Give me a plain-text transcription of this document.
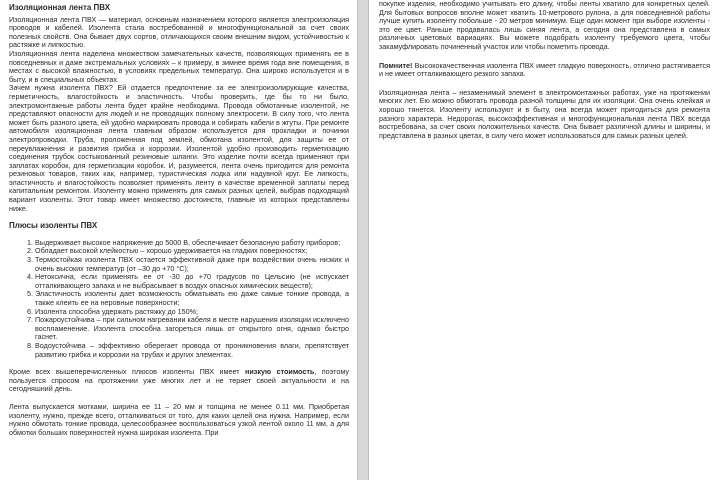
Изоляционная лента ПВХ

Изоляционная лента ПВХ — материал, основным назначением которого является электроизоляция проводов и кабелей. Изолента стала востребованной и многофункциональной за счет своих полезных свойств. Она бывает двух сортов, отличающихся своим внешним видом, устойчивостью к растяжке и липкостью.

Изоляционная лента наделена множеством замечательных качеств, позволяющих применять ее в повседневных и даже экстремальных условиях – к примеру, в зимнее время года вне помещения, в местах с высокой влажностью, в условиях предельных температур. Она широко используется и в быту, и в специальных объектах.

Зачем нужна изолента ПВХ? Ей отдается предпочтение за ее электроизолирующие качества, герметичность, влагостойкость и эластичность. Чтобы проверить, где бы то ни было, электромонтажные работы лента будет крайне необходима. Провода обмотанные изолентой, не представляют опасности для людей и не проводящих полному электросети. В силу того, что лента может быть разного цвета, ей удобно маркировать провода и собирать кабели в жгуты. При ремонте автомобиля изоляционная лента главным образом используется для прокладки и починки электропроводки. Труба, проложенная под землей, обмотана изолентой, для защиты ее от переувлажнения и развития грибка и коррозии. Изолентой удобно производить герметизацию соединения трубок состыкованный резиновые шланги. Это изделие почти всегда применяют при заплатах коробок, для герметизации коробок. И, разумеется, лента очень пригодится для ремонта резиновых товаров, таких как, например, туристическая лодка или надувной круг. Ее липкость, эластичность и влагостойкость позволяет применять ленту в качестве временной заплаты перед капитальным ремонтом. Изоленту можно применять для самых разных целей, выбрав подходящий вариант изоленты. Этот товар имеет множество достоинств, главные из которых представлены ниже.

Плюсы изоленты ПВХ
1. Выдерживает высокое напряжение до 5000 В, обеспечивает безопасную работу приборов;
2. Обладает высокой клейкостью – хорошо удерживается на гладких поверхностях;
3. Термостойкая изолента ПВХ остается эффективной даже при воздействии очень низких и очень высоких температур (от –30 до +70 °С);
4. Нетоксична, если применять ее от -30 до +70 градусов по Цельсию (не испускает отталкивающего запаха и не выбрасывает в воздух опасных химических веществ);
5. Эластичность изоленты дает возможность обматывать ею даже самые тонкие провода, а также клеить ее на неровные поверхности;
6. Изолента способна удержать растяжку до 150%;
7. Пожароустойчива – при сильном нагревании кабеля в месте нарушения изоляции исключено воспламенение. Изолента способна загореться лишь от открытого огня, однако быстро гаснет.
8. Водоустойчива – эффективно оберегает провода от проникновения влаги, препятствует развитию грибка и коррозии на трубах и других элементах.

Кроме всех вышеперечисленных плюсов изоленты ПВХ имеет низкую стоимость, поэтому пользуется спросом на протяжении уже многих лет и не теряет своей актуальности и на сегодняшний день.

Лента выпускается мотками, ширина ее 11 – 20 мм и толщина не менее 0.11 мм. Приобретая изоленту, нужно, прежде всего, отталкиваться от того, для каких целей она нужна. Например, если нужно обмотать тонкие провода, целесообразнее воспользоваться узкой лентой около 11 мм, а для обмотки больших поверхностей нужна широкая изолента. При

покупке изделия, необходимо учитывать его длину, чтобы ленты хватило для конкретных целей. Для бытовых вопросов вполне может хватить 10-метрового рулона, а для повседневной работы лучше купить изоленту побольше - 20 метров минимум. Еще один момент при выборе изоленты - это ее цвет. Раньше продавалась лишь синяя лента, а сегодня она представлена в самых различных цветовых вариациях. Вы можете подобрать изоленту требуемого цвета, чтобы закамуфлировать починенный участок или чтобы пометить провода.

Помните! Высококачественная изолента ПВХ имеет гладкую поверхность, отлично растягивается и не имеет отталкивающего резкого запаха.

Изоляционная лента – незаменимый элемент в электромонтажных работах, уже на протяжении многих лет. Ею можно обмотать провода разной толщины для их изоляции. Она очень клейкая и хорошо тянется. Изоленту используют и в быту, она всегда может пригодиться для ремонта разного характера. Недорогая, высокоэффективная и многофункциональная лента ПВХ всегда востребована, за счет своих положительных качеств. Она бывает различной длины и ширины, и представлена в разных цветах, в силу чего может использоваться для самых разных целей.
